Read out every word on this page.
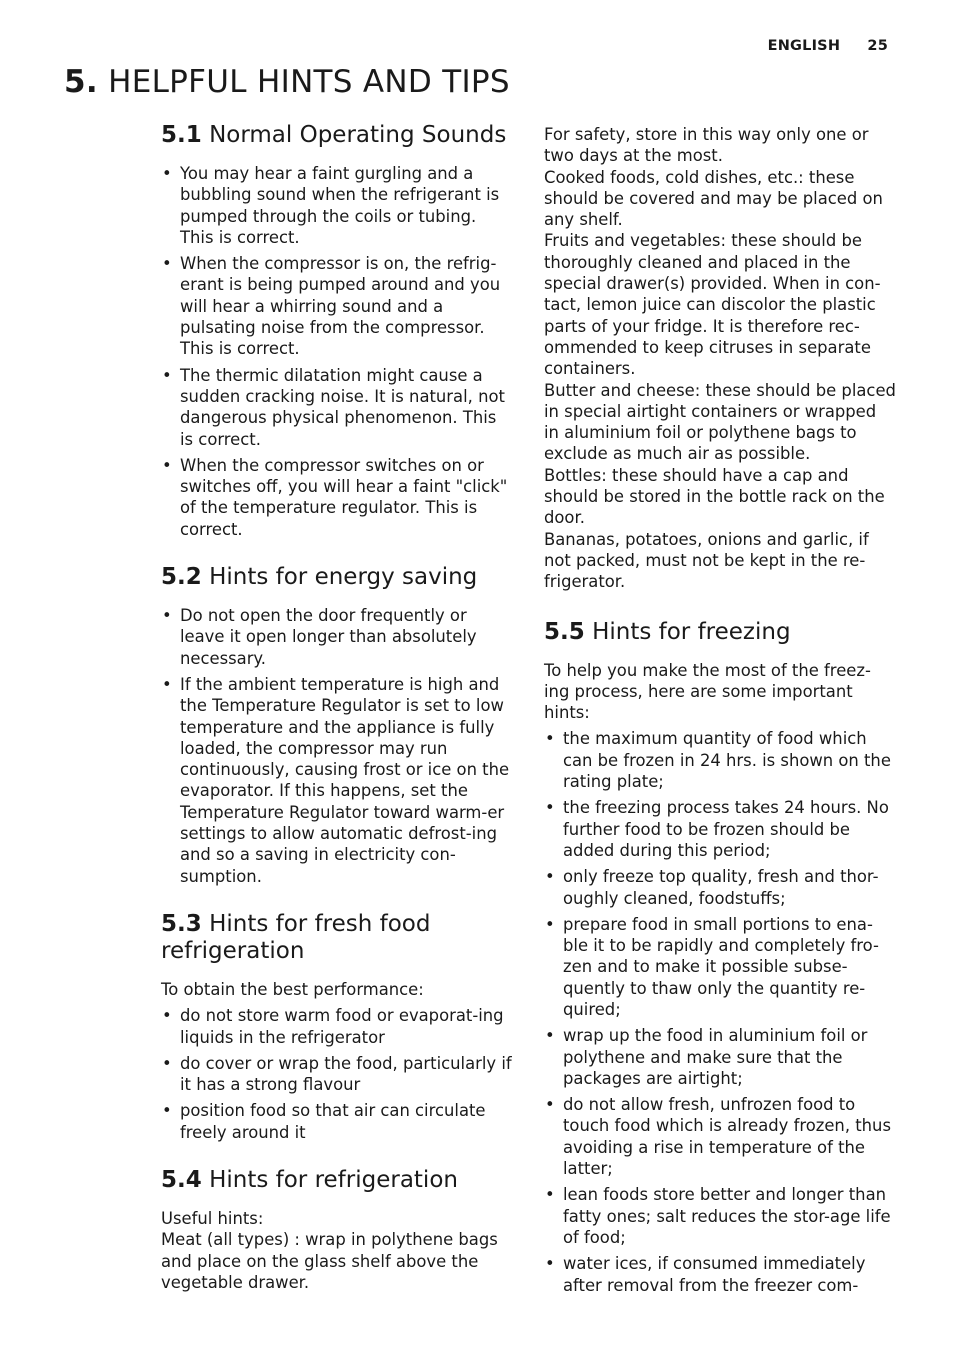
ENGLISH 25
5. HELPFUL HINTS AND TIPS
5.1 Normal Operating Sounds
• You may hear a faint gurgling and a bubbling sound when the refrigerant is pumped through the coils or tubing. This is correct.
• When the compressor is on, the refrig-erant is being pumped around and you will hear a whirring sound and a pulsating noise from the compressor. This is correct.
• The thermic dilatation might cause a sudden cracking noise. It is natural, not dangerous physical phenomenon. This is correct.
• When the compressor switches on or switches off, you will hear a faint "click" of the temperature regulator. This is correct.
5.2 Hints for energy saving
• Do not open the door frequently or leave it open longer than absolutely necessary.
• If the ambient temperature is high and the Temperature Regulator is set to low temperature and the appliance is fully loaded, the compressor may run continuously, causing frost or ice on the evaporator. If this happens, set the Temperature Regulator toward warm-er settings to allow automatic defrost-ing and so a saving in electricity con-sumption.
5.3 Hints for fresh food refrigeration

To obtain the best performance:

• do not store warm food or evaporat-ing liquids in the refrigerator
• do cover or wrap the food, particularly if it has a strong flavour
• position food so that air can circulate freely around it
5.4 Hints for refrigeration

Useful hints:

Meat (all types) : wrap in polythene bags and place on the glass shelf above the vegetable drawer.

For safety, store in this way only one or two days at the most.

Cooked foods, cold dishes, etc.: these should be covered and may be placed on any shelf.

Fruits and vegetables: these should be thoroughly cleaned and placed in the special drawer(s) provided. When in con-tact, lemon juice can discolor the plastic parts of your fridge. It is therefore rec-ommended to keep citruses in separate containers.

Butter and cheese: these should be placed in special airtight containers or wrapped in aluminium foil or polythene bags to exclude as much air as possible.

Bottles: these should have a cap and should be stored in the bottle rack on the door.

Bananas, potatoes, onions and garlic, if not packed, must not be kept in the re-frigerator.

5.5 Hints for freezing

To help you make the most of the freez-ing process, here are some important hints:

• the maximum quantity of food which can be frozen in 24 hrs. is shown on the rating plate;
• the freezing process takes 24 hours. No further food to be frozen should be added during this period;
• only freeze top quality, fresh and thor-oughly cleaned, foodstuffs;
• prepare food in small portions to ena-ble it to be rapidly and completely fro-zen and to make it possible subse-quently to thaw only the quantity re-quired;
• wrap up the food in aluminium foil or polythene and make sure that the packages are airtight;
• do not allow fresh, unfrozen food to touch food which is already frozen, thus avoiding a rise in temperature of the latter;
• lean foods store better and longer than fatty ones; salt reduces the stor-age life of food;
• water ices, if consumed immediately after removal from the freezer com-
